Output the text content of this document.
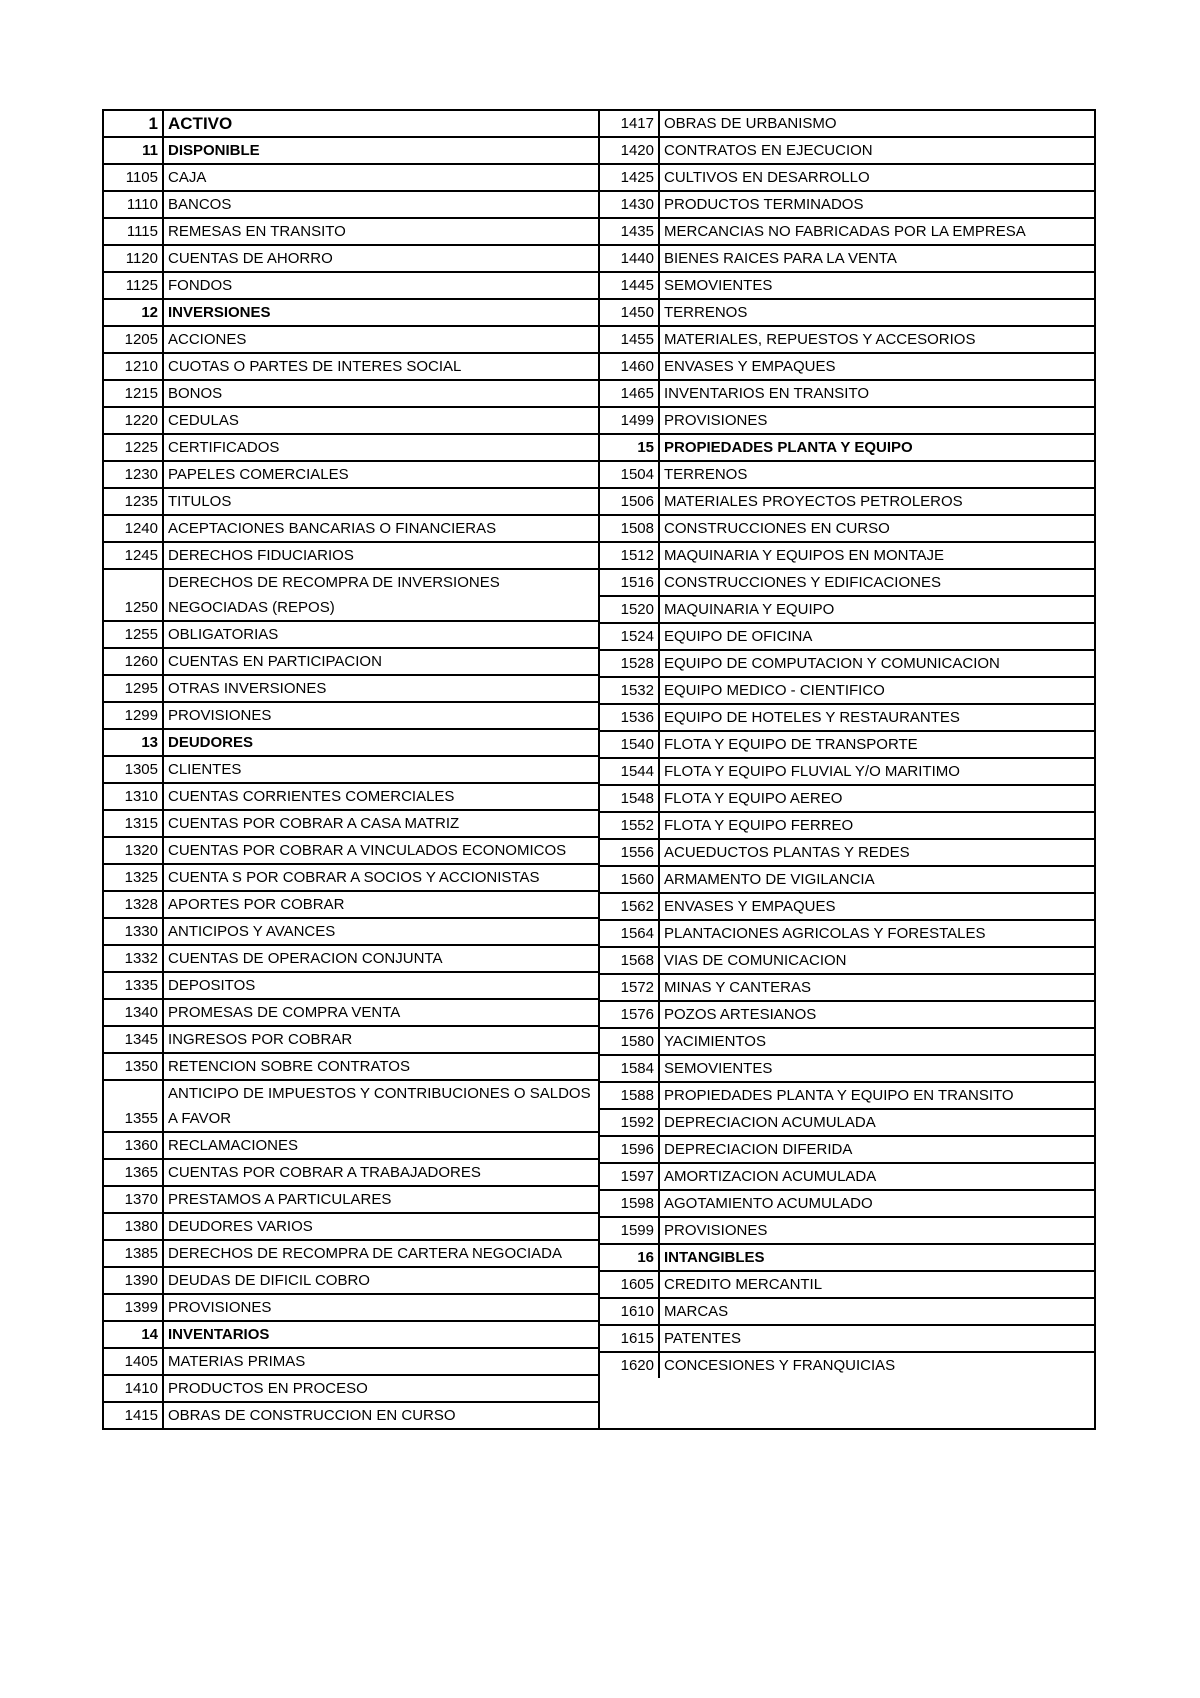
1	ACTIVO
11	DISPONIBLE
1105	CAJA
1110	BANCOS
1115	REMESAS EN TRANSITO
1120	CUENTAS DE AHORRO
1125	FONDOS
12	INVERSIONES
1205	ACCIONES
1210	CUOTAS O PARTES DE INTERES SOCIAL
1215	BONOS
1220	CEDULAS
1225	CERTIFICADOS
1230	PAPELES COMERCIALES
1235	TITULOS
1240	ACEPTACIONES BANCARIAS O FINANCIERAS
1245	DERECHOS FIDUCIARIOS
1250	DERECHOS DE RECOMPRA DE INVERSIONES NEGOCIADAS (REPOS)
1255	OBLIGATORIAS
1260	CUENTAS EN PARTICIPACION
1295	OTRAS INVERSIONES
1299	PROVISIONES
13	DEUDORES
1305	CLIENTES
1310	CUENTAS CORRIENTES COMERCIALES
1315	CUENTAS POR COBRAR A CASA MATRIZ
1320	CUENTAS POR COBRAR A VINCULADOS ECONOMICOS
1325	CUENTA S POR COBRAR A SOCIOS Y ACCIONISTAS
1328	APORTES POR COBRAR
1330	ANTICIPOS Y AVANCES
1332	CUENTAS DE OPERACION CONJUNTA
1335	DEPOSITOS
1340	PROMESAS DE COMPRA VENTA
1345	INGRESOS POR COBRAR
1350	RETENCION SOBRE CONTRATOS
1355	ANTICIPO DE IMPUESTOS Y CONTRIBUCIONES O SALDOS A FAVOR
1360	RECLAMACIONES
1365	CUENTAS POR COBRAR A TRABAJADORES
1370	PRESTAMOS A PARTICULARES
1380	DEUDORES VARIOS
1385	DERECHOS DE RECOMPRA DE CARTERA NEGOCIADA
1390	DEUDAS DE DIFICIL COBRO
1399	PROVISIONES
14	INVENTARIOS
1405	MATERIAS PRIMAS
1410	PRODUCTOS EN PROCESO
1415	OBRAS DE CONSTRUCCION EN CURSO
1417	OBRAS DE URBANISMO
1420	CONTRATOS EN EJECUCION
1425	CULTIVOS EN DESARROLLO
1430	PRODUCTOS TERMINADOS
1435	MERCANCIAS NO FABRICADAS POR LA EMPRESA
1440	BIENES RAICES PARA LA VENTA
1445	SEMOVIENTES
1450	TERRENOS
1455	MATERIALES, REPUESTOS Y ACCESORIOS
1460	ENVASES Y EMPAQUES
1465	INVENTARIOS EN TRANSITO
1499	PROVISIONES
15	PROPIEDADES PLANTA Y EQUIPO
1504	TERRENOS
1506	MATERIALES PROYECTOS PETROLEROS
1508	CONSTRUCCIONES EN CURSO
1512	MAQUINARIA Y EQUIPOS EN MONTAJE
1516	CONSTRUCCIONES Y EDIFICACIONES
1520	MAQUINARIA Y EQUIPO
1524	EQUIPO DE OFICINA
1528	EQUIPO DE COMPUTACION Y COMUNICACION
1532	EQUIPO MEDICO - CIENTIFICO
1536	EQUIPO DE HOTELES Y RESTAURANTES
1540	FLOTA Y EQUIPO DE TRANSPORTE
1544	FLOTA Y EQUIPO FLUVIAL Y/O MARITIMO
1548	FLOTA Y EQUIPO AEREO
1552	FLOTA Y EQUIPO FERREO
1556	ACUEDUCTOS PLANTAS Y REDES
1560	ARMAMENTO DE VIGILANCIA
1562	ENVASES Y EMPAQUES
1564	PLANTACIONES AGRICOLAS Y FORESTALES
1568	VIAS DE COMUNICACION
1572	MINAS Y CANTERAS
1576	POZOS ARTESIANOS
1580	YACIMIENTOS
1584	SEMOVIENTES
1588	PROPIEDADES PLANTA Y EQUIPO EN TRANSITO
1592	DEPRECIACION ACUMULADA
1596	DEPRECIACION DIFERIDA
1597	AMORTIZACION ACUMULADA
1598	AGOTAMIENTO ACUMULADO
1599	PROVISIONES
16	INTANGIBLES
1605	CREDITO MERCANTIL
1610	MARCAS
1615	PATENTES
1620	CONCESIONES Y FRANQUICIAS
